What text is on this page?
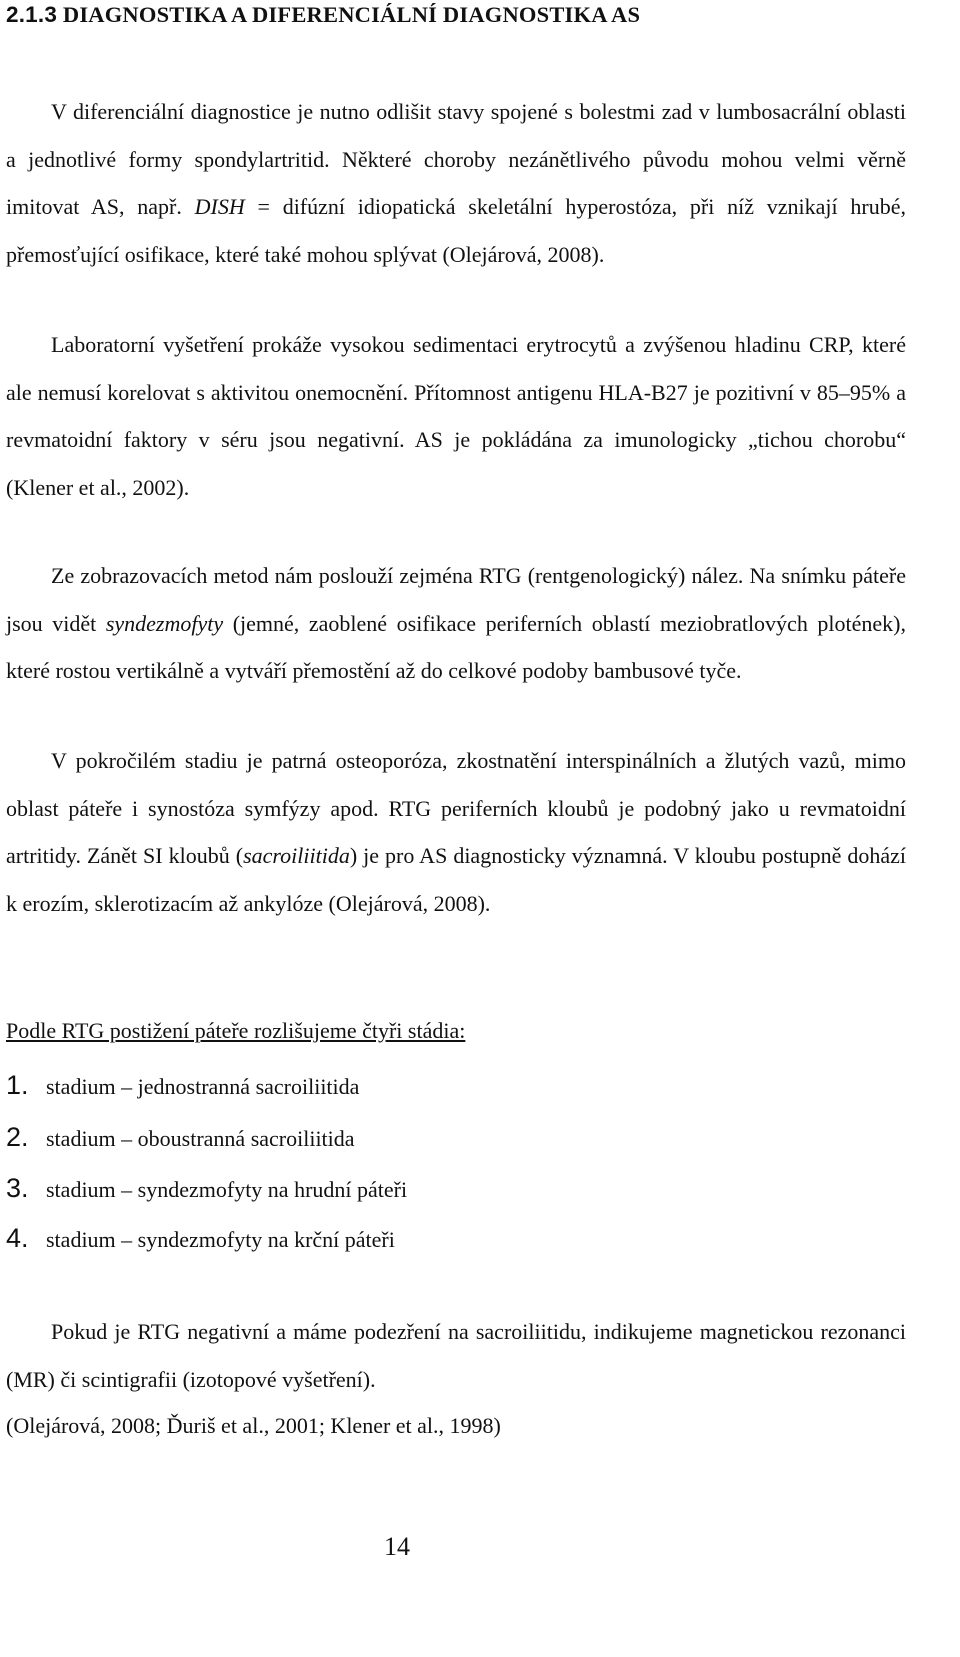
2.1.3 DIAGNOSTIKA A DIFERENCIÁLNÍ DIAGNOSTIKA AS
V diferenciální diagnostice je nutno odlišit stavy spojené s bolestmi zad v lumbosacrální oblasti a jednotlivé formy spondylartritid. Některé choroby nezánětlivého původu mohou velmi věrně imitovat AS, např. DISH = difúzní idiopatická skeletální hyperostóza, při níž vznikají hrubé, přemosťující osifikace, které také mohou splývat (Olejárová, 2008).
Laboratorní vyšetření prokáže vysokou sedimentaci erytrocytů a zvýšenou hladinu CRP, které ale nemusí korelovat s aktivitou onemocnění. Přítomnost antigenu HLA-B27 je pozitivní v 85–95% a revmatoidní faktory v séru jsou negativní. AS je pokládána za imunologicky „tichou chorobu“ (Klener et al., 2002).
Ze zobrazovacích metod nám poslouží zejména RTG (rentgenologický) nález. Na snímku páteře jsou vidět syndezmofyty (jemné, zaoblené osifikace periferních oblastí meziobratlových plotének), které rostou vertikálně a vytváří přemostění až do celkové podoby bambusové tyče.
V pokročilém stadiu je patrná osteoporóza, zkostnatění interspinálních a žlutých vazů, mimo oblast páteře i synostóza symfýzy apod. RTG periferních kloubů je podobný jako u revmatoidní artritidy. Zánět SI kloubů (sacroiliitida) je pro AS diagnosticky významná. V kloubu postupně dohází k erozím, sklerotizacím až ankylóze (Olejárová, 2008).

Podle RTG postižení páteře rozlišujeme čtyři stádia:

1. stadium – jednostranná sacroiliitida
2. stadium – oboustranná sacroiliitida
3. stadium – syndezmofyty na hrudní páteři
4. stadium – syndezmofyty na krční páteři
Pokud je RTG negativní a máme podezření na sacroiliitidu, indikujeme magnetickou rezonanci (MR) či scintigrafii (izotopové vyšetření).
(Olejárová, 2008; Ďuriš et al., 2001; Klener et al., 1998)
14
